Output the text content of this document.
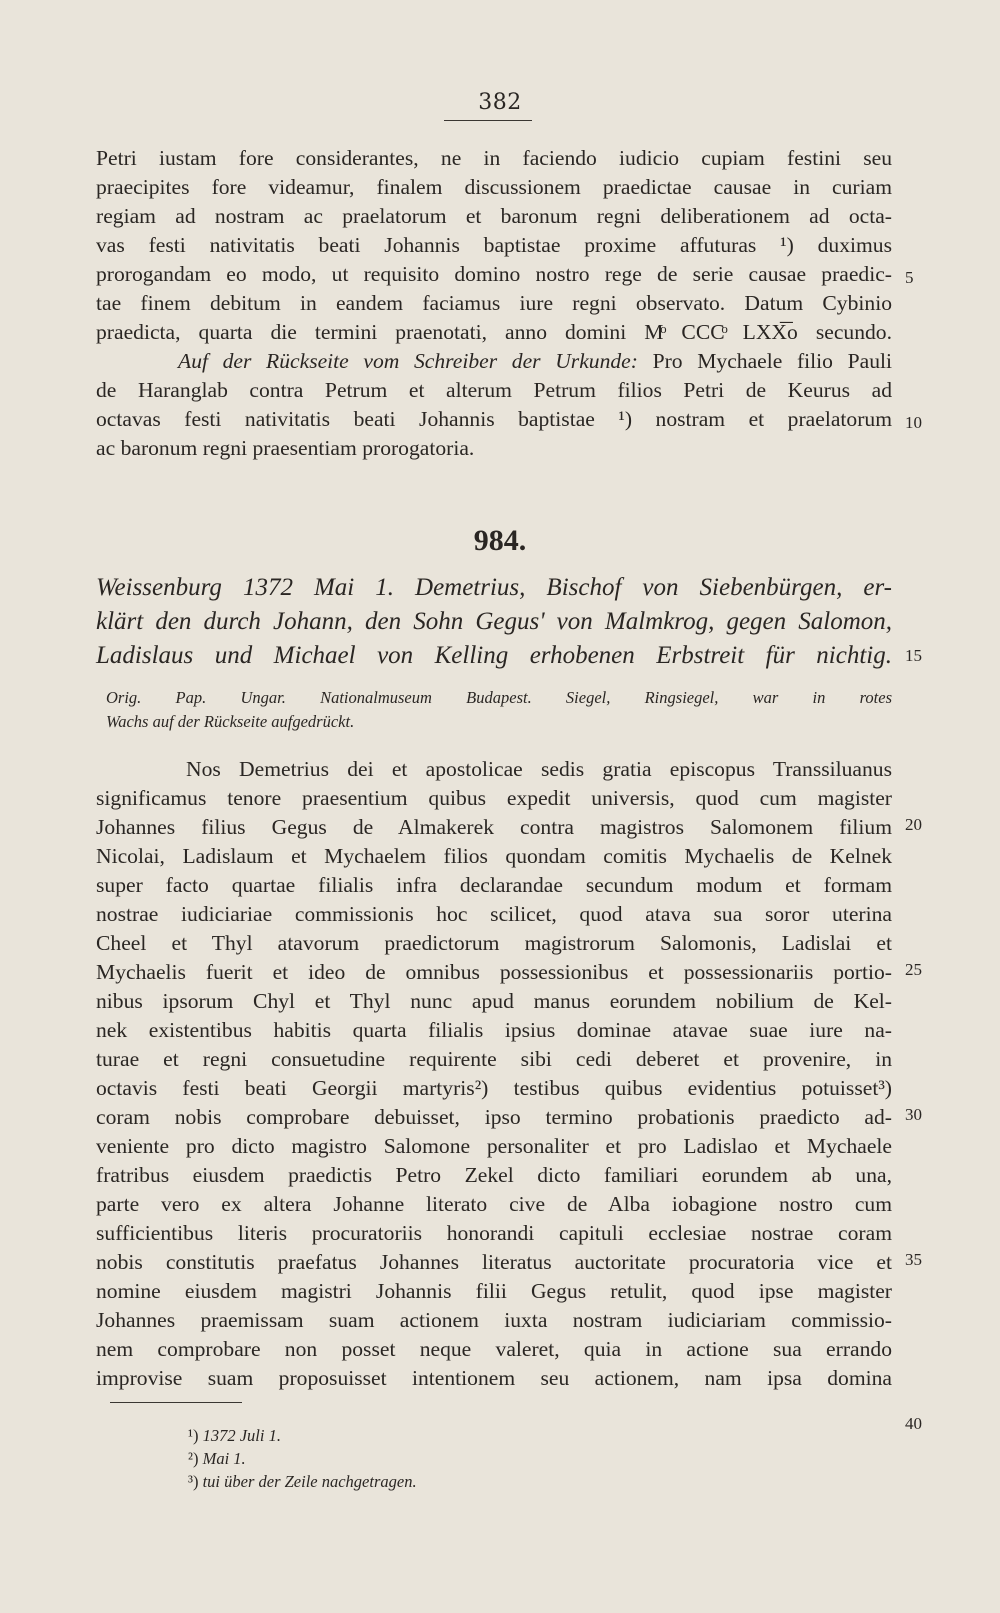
382
Petri iustam fore considerantes, ne in faciendo iudicio cupiam festini seu
praecipites fore videamur, finalem discussionem praedictae causae in curiam
regiam ad nostram ac praelatorum et baronum regni deliberationem ad octa-
vas festi nativitatis beati Johannis baptistae proxime affuturas ¹) duximus
prorogandam eo modo, ut requisito domino nostro rege de serie causae praedic-
tae finem debitum in eandem faciamus iure regni observato. Datum Cybinio
praedicta, quarta die termini praenotati, anno domini Mͦ CCCͦ LXX͞o secundo.
Auf der Rückseite vom Schreiber der Urkunde: Pro Mychaele filio Pauli
de Haranglab contra Petrum et alterum Petrum filios Petri de Keurus ad
octavas festi nativitatis beati Johannis baptistae ¹) nostram et praelatorum
ac baronum regni praesentiam prorogatoria.
984.
Weissenburg 1372 Mai 1. Demetrius, Bischof von Siebenbürgen, er-
klärt den durch Johann, den Sohn Gegus' von Malmkrog, gegen Salomon,
Ladislaus und Michael von Kelling erhobenen Erbstreit für nichtig.
Orig. Pap. Ungar. Nationalmuseum Budapest. Siegel, Ringsiegel, war in rotes
Wachs auf der Rückseite aufgedrückt.
Nos Demetrius dei et apostolicae sedis gratia episcopus Transsiluanus
significamus tenore praesentium quibus expedit universis, quod cum magister
Johannes filius Gegus de Almakerek contra magistros Salomonem filium
Nicolai, Ladislaum et Mychaelem filios quondam comitis Mychaelis de Kelnek
super facto quartae filialis infra declarandae secundum modum et formam
nostrae iudiciariae commissionis hoc scilicet, quod atava sua soror uterina
Cheel et Thyl atavorum praedictorum magistrorum Salomonis, Ladislai et
Mychaelis fuerit et ideo de omnibus possessionibus et possessionariis portio-
nibus ipsorum Chyl et Thyl nunc apud manus eorundem nobilium de Kel-
nek existentibus habitis quarta filialis ipsius dominae atavae suae iure na-
turae et regni consuetudine requirente sibi cedi deberet et provenire, in
octavis festi beati Georgii martyris²) testibus quibus evidentius potuisset³)
coram nobis comprobare debuisset, ipso termino probationis praedicto ad-
veniente pro dicto magistro Salomone personaliter et pro Ladislao et Mychaele
fratribus eiusdem praedictis Petro Zekel dicto familiari eorundem ab una,
parte vero ex altera Johanne literato cive de Alba iobagione nostro cum
sufficientibus literis procuratoriis honorandi capituli ecclesiae nostrae coram
nobis constitutis praefatus Johannes literatus auctoritate procuratoria vice et
nomine eiusdem magistri Johannis filii Gegus retulit, quod ipse magister
Johannes praemissam suam actionem iuxta nostram iudiciariam commissio-
nem comprobare non posset neque valeret, quia in actione sua errando
improvise suam proposuisset intentionem seu actionem, nam ipsa domina
¹) 1372 Juli 1.
²) Mai 1.
³) tui über der Zeile nachgetragen.
5
10
15
20
25
30
35
40
